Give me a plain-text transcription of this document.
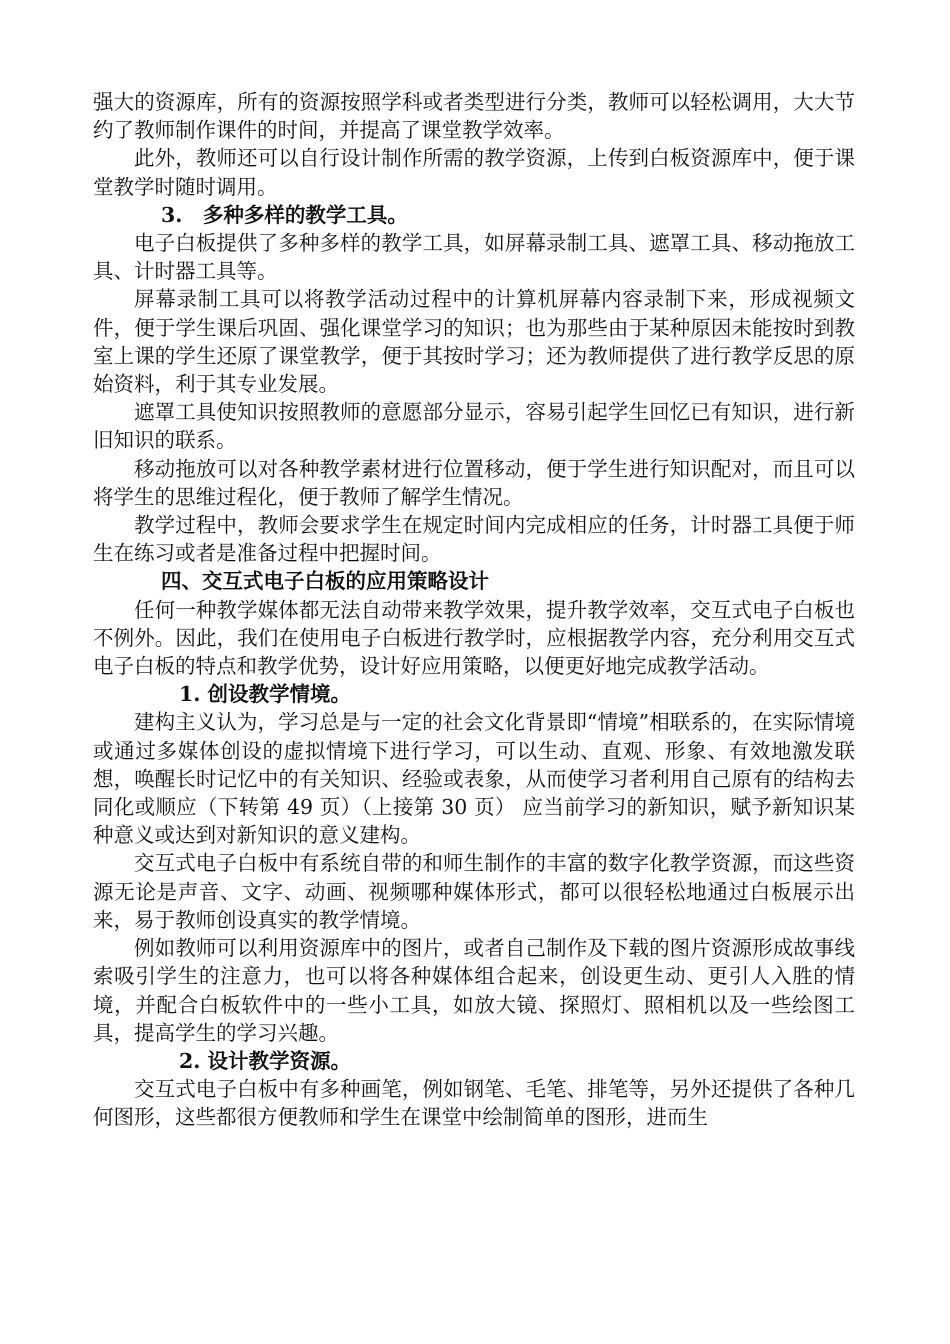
强大的资源库，所有的资源按照学科或者类型进行分类，教师可以轻松调用，大大节约了教师制作课件的时间，并提高了课堂教学效率。

此外，教师还可以自行设计制作所需的教学资源，上传到白板资源库中，便于课堂教学时随时调用。

3.　多种多样的教学工具。

电子白板提供了多种多样的教学工具，如屏幕录制工具、遮罩工具、移动拖放工具、计时器工具等。

屏幕录制工具可以将教学活动过程中的计算机屏幕内容录制下来，形成视频文件，便于学生课后巩固、强化课堂学习的知识；也为那些由于某种原因未能按时到教室上课的学生还原了课堂教学，便于其按时学习；还为教师提供了进行教学反思的原始资料，利于其专业发展。

遮罩工具使知识按照教师的意愿部分显示，容易引起学生回忆已有知识，进行新旧知识的联系。

移动拖放可以对各种教学素材进行位置移动，便于学生进行知识配对，而且可以将学生的思维过程化，便于教师了解学生情况。

教学过程中，教师会要求学生在规定时间内完成相应的任务，计时器工具便于师生在练习或者是准备过程中把握时间。

四、交互式电子白板的应用策略设计

任何一种教学媒体都无法自动带来教学效果，提升教学效率，交互式电子白板也不例外。因此，我们在使用电子白板进行教学时，应根据教学内容，充分利用交互式电子白板的特点和教学优势，设计好应用策略，以便更好地完成教学活动。

1. 创设教学情境。

建构主义认为，学习总是与一定的社会文化背景即“情境”相联系的，在实际情境或通过多媒体创设的虚拟情境下进行学习，可以生动、直观、形象、有效地激发联想，唤醒长时记忆中的有关知识、经验或表象，从而使学习者利用自己原有的结构去同化或顺应（下转第 49 页）（上接第 30 页） 应当前学习的新知识，赋予新知识某种意义或达到对新知识的意义建构。

交互式电子白板中有系统自带的和师生制作的丰富的数字化教学资源，而这些资源无论是声音、文字、动画、视频哪种媒体形式，都可以很轻松地通过白板展示出来，易于教师创设真实的教学情境。

例如教师可以利用资源库中的图片，或者自己制作及下载的图片资源形成故事线索吸引学生的注意力，也可以将各种媒体组合起来，创设更生动、更引人入胜的情境，并配合白板软件中的一些小工具，如放大镜、探照灯、照相机以及一些绘图工具，提高学生的学习兴趣。

2. 设计教学资源。

交互式电子白板中有多种画笔，例如钢笔、毛笔、排笔等，另外还提供了各种几何图形，这些都很方便教师和学生在课堂中绘制简单的图形，进而生
